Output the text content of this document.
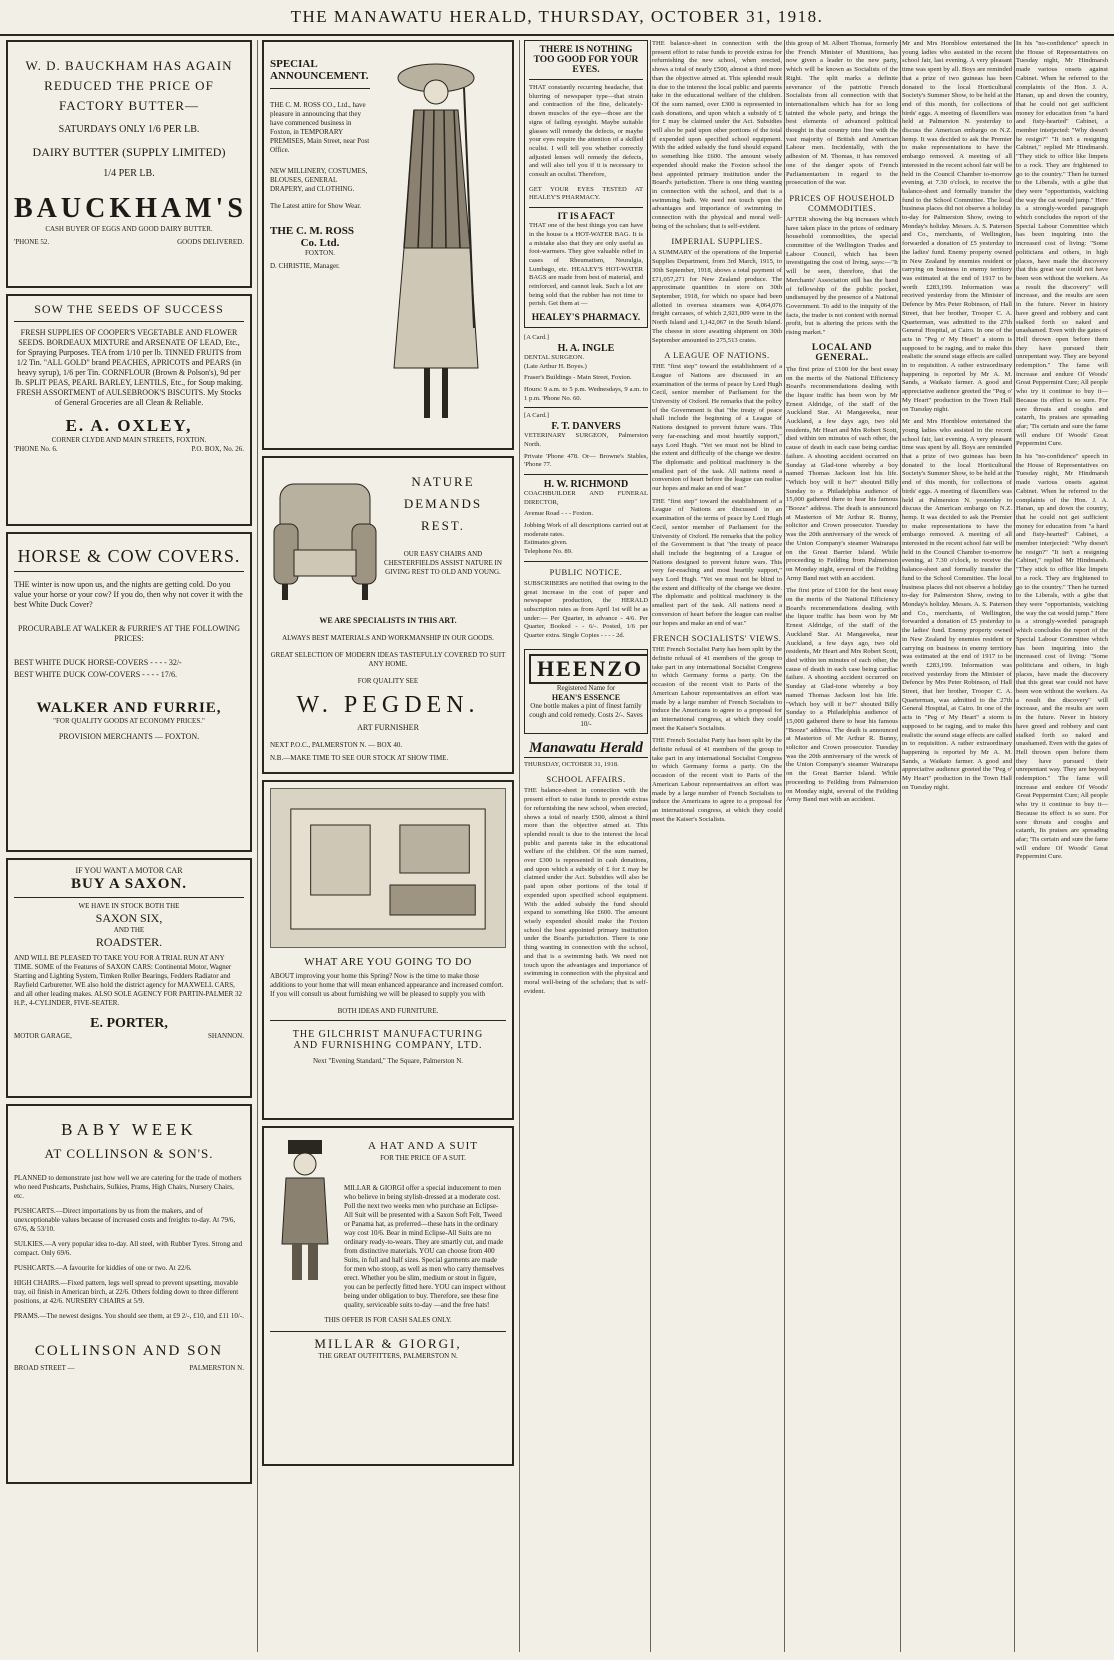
THE MANAWATU HERALD, THURSDAY, OCTOBER 31, 1918.
W. D. BAUCKHAM HAS AGAIN
REDUCED THE PRICE OF
FACTORY BUTTER—
SATURDAYS ONLY 1/6 PER LB.
DAIRY BUTTER (SUPPLY LIMITED)
1/4 PER LB.
BAUCKHAM'S
CASH BUYER OF EGGS AND GOOD DAIRY BUTTER.
'PHONE 52.	GOODS DELIVERED.
SOW THE SEEDS OF SUCCESS

FRESH SUPPLIES OF COOPER'S VEGETABLE AND FLOWER SEEDS. BORDEAUX MIXTURE and ARSENATE OF LEAD, Etc., for Spraying Purposes. TEA from 1/10 per lb. TINNED FRUITS from 1/2 Tin. "ALL GOLD" brand PEACHES, APRICOTS and PEARS (in heavy syrup), 1/6 per Tin. CORNFLOUR (Brown & Polson's), 9d per lb. SPLIT PEAS, PEARL BARLEY, LENTILS, Etc., for Soup making. FRESH ASSORTMENT of AULSEBROOK'S BISCUITS. My Stocks of General Groceries are all Clean & Reliable.

E. A. OXLEY,
CORNER CLYDE AND MAIN STREETS, FOXTON.
'PHONE No. 6.	P.O. BOX, No. 26.
HORSE & COW COVERS.

THE winter is now upon us, and the nights are getting cold. Do you value your horse or your cow? If you do, then why not cover it with the best White Duck Cover?

PROCURABLE AT WALKER & FURRIE'S AT THE FOLLOWING PRICES:

BEST WHITE DUCK HORSE-COVERS - - - - 32/-

BEST WHITE DUCK COW-COVERS - - - - 17/6.

WALKER AND FURRIE,
"FOR QUALITY GOODS AT ECONOMY PRICES."
PROVISION MERCHANTS — FOXTON.
IF YOU WANT A MOTOR CAR
BUY A SAXON.
WE HAVE IN STOCK BOTH THE
SAXON SIX,
AND THE
ROADSTER.

AND WILL BE PLEASED TO TAKE YOU FOR A TRIAL RUN AT ANY TIME. SOME of the Features of SAXON CARS: Continental Motor, Wagner Starting and Lighting System, Timken Roller Bearings, Fedders Radiator and Rayfield Carburetter. WE also hold the district agency for MAXWELL CARS, and all other leading makes. ALSO SOLE AGENCY FOR PARTIN-PALMER 32 H.P., 4-CYLINDER, FIVE-SEATER.

E. PORTER,
MOTOR GARAGE,	SHANNON.
BABY WEEK
AT COLLINSON & SON'S.

PLANNED to demonstrate just how well we are catering for the trade of mothers who need Pushcarts, Pushchairs, Sulkies, Prams, High Chairs, Nursery Chairs, etc.

PUSHCARTS.—Direct importations by us from the makers, and of unexceptionable values because of increased costs and freights to-day. At 79/6, 67/6, & 53/10.

SULKIES.—A very popular idea to-day. All steel, with Rubber Tyres. Strong and compact. Only 69/6.

PUSHCARTS.—A favourite for kiddies of one or two. At 22/6.

HIGH CHAIRS.—Fixed pattern, legs well spread to prevent upsetting, movable tray, oil finish in American birch, at 22/6. Others folding down to three different positions, at 42/6. NURSERY CHAIRS at 5/9.

PRAMS.—The newest designs. You should see them, at £9 2/-, £10, and £11 10/-.

COLLINSON AND SON
BROAD STREET —	PALMERSTON N.
SPECIAL
ANNOUNCEMENT.

THE C. M. ROSS CO., Ltd., have pleasure in announcing that they have commenced business in Foxton, in TEMPORARY PREMISES, Main Street, near Post Office.

NEW MILLINERY, COSTUMES, BLOUSES, GENERAL DRAPERY, and CLOTHING.

The Latest attire for Show Wear.

THE C. M. ROSS
Co. Ltd.
FOXTON.
D. CHRISTIE, Manager.
NATURE
DEMANDS
REST.

OUR EASY CHAIRS AND CHESTERFIELDS ASSIST NATURE IN GIVING REST TO OLD AND YOUNG.

WE ARE SPECIALISTS IN THIS ART.

ALWAYS BEST MATERIALS AND WORKMANSHIP IN OUR GOODS.

GREAT SELECTION OF MODERN IDEAS TASTEFULLY COVERED TO SUIT ANY HOME.

FOR QUALITY SEE

W. PEGDEN.
ART FURNISHER
NEXT P.O.C., PALMERSTON N. — BOX 40.
N.B.—MAKE TIME TO SEE OUR STOCK AT SHOW TIME.
WHAT ARE YOU GOING TO DO

ABOUT improving your home this Spring? Now is the time to make those additions to your home that will mean enhanced appearance and increased comfort. If you will consult us about furnishing we will be pleased to supply you with

BOTH IDEAS AND FURNITURE.
THE GILCHRIST MANUFACTURING
AND FURNISHING COMPANY, LTD.
Next "Evening Standard," The Square, Palmerston N.
A HAT AND A SUIT
FOR THE PRICE OF A SUIT.

MILLAR & GIORGI offer a special inducement to men who believe in being stylish-dressed at a moderate cost. Poll the next two weeks men who purchase an Eclipse-All Suit will be presented with a Saxon Soft Felt, Tweed or Panama hat, as preferred—these hats in the ordinary way cost 10/6. Bear in mind Eclipse-All Suits are no ordinary ready-to-wears. They are smartly cut, and made from distinctive materials. YOU can choose from 400 Suits, in full and half sizes. Special garments are made for men who stoop, as well as men who carry themselves erect. Whether you be slim, medium or stout in figure, you can be perfectly fitted here. YOU can inspect without being under obligation to buy. Therefore, see these fine quality, serviceable suits to-day —and the free hats!

THIS OFFER IS FOR CASH SALES ONLY.
MILLAR & GIORGI,
THE GREAT OUTFITTERS, PALMERSTON N.
THERE IS NOTHING TOO GOOD FOR YOUR EYES.

THAT constantly recurring headache, that blurring of newspaper type—that strain and contraction of the fine, delicately-drawn muscles of the eye—those are the signs of failing eyesight. Maybe suitable glasses will remedy the defects, or maybe your eyes require the attention of a skilled oculist. I will tell you whether correctly adjusted lenses will remedy the defects, and will also tell you if it is necessary to consult an oculist. Therefore,

GET YOUR EYES TESTED AT HEALEY'S PHARMACY.

IT IS A FACT

THAT one of the best things you can have in the house is a HOT-WATER BAG. It is a mistake also that they are only useful as foot-warmers. They give valuable relief in cases of Rheumatism, Neuralgia, Lumbago, etc. HEALEY'S HOT-WATER BAGS are made from best of material, and reinforced, and cannot leak. Such a lot are being sold that the rubber has not time to perish. Get them at —

HEALEY'S PHARMACY.
[A Card.]
H. A. INGLE
DENTAL SURGEON.
(Late Arthur H. Boyes.)
Fraser's Buildings - Main Street, Foxton.
Hours: 9 a.m. to 5 p.m. Wednesdays, 9 a.m. to 1 p.m. 'Phone No. 60.
[A Card.]
F. T. DANVERS
VETERINARY SURGEON, Palmerston North.
Private 'Phone 478. Or— Browne's Stables, 'Phone 77.
H. W. RICHMOND
COACHBUILDER AND FUNERAL DIRECTOR,
Avenue Road - - - Foxton.
Jobbing Work of all descriptions carried out at moderate rates.
Estimates given.
Telephone No. 89.
PUBLIC NOTICE.

SUBSCRIBERS are notified that owing to the great increase in the cost of paper and newspaper production, the HERALD subscription rates as from April 1st will be as under:— Per Quarter, in advance - 4/6. Per Quarter, Booked - - 6/-. Posted, 1/6 per Quarter extra. Single Copies - - - - 2d.

HEENZO
Registered Name for
HEAN'S ESSENCE
One bottle makes a pint of finest family cough and cold remedy. Costs 2/-. Saves 10/-
Manawatu Herald
THURSDAY, OCTOBER 31, 1918.
SCHOOL AFFAIRS.

THE balance-sheet in connection with the present effort to raise funds to provide extras for refurnishing the new school, when erected, shows a total of nearly £500, almost a third more than the objective aimed at. This splendid result is due to the interest the local public and parents take in the educational welfare of the children. Of the sum named, over £300 is represented in cash donations, and upon which a subsidy of £ for £ may be claimed under the Act. Subsidies will also be paid upon other portions of the total if expended upon specified school equipment. With the added subsidy the fund should expand to something like £600. The amount wisely expended should make the Foxton school the best appointed primary institution under the Board's jurisdiction. There is one thing wanting in connection with the school, and that is a swimming bath. We need not touch upon the advantages and importance of swimming in connection with the physical and moral well-being of the scholars; that is self-evident.

THE balance-sheet in connection with the present effort to raise funds to provide extras for refurnishing the new school, when erected, shows a total of nearly £500, almost a third more than the objective aimed at. This splendid result is due to the interest the local public and parents take in the educational welfare of the children. Of the sum named, over £300 is represented in cash donations, and upon which a subsidy of £ for £ may be claimed under the Act. Subsidies will also be paid upon other portions of the total if expended upon specified school equipment. With the added subsidy the fund should expand to something like £600. The amount wisely expended should make the Foxton school the best appointed primary institution under the Board's jurisdiction. There is one thing wanting in connection with the school, and that is a swimming bath. We need not touch upon the advantages and importance of swimming in connection with the physical and moral well-being of the scholars; that is self-evident.

IMPERIAL SUPPLIES.

A SUMMARY of the operations of the Imperial Supplies Department, from 3rd March, 1915, to 30th September, 1918, shows a total payment of £71,057,271 for New Zealand produce. The approximate quantities in store on 30th September, 1918, for which no space had been allotted in oversea steamers was 4,064,076 freight carcases, of which 2,921,009 were in the North Island and 1,142,067 in the South Island. The cheese in store awaiting shipment on 30th September amounted to 275,513 crates.

A LEAGUE OF NATIONS.

THE "first step" toward the establishment of a League of Nations are discussed in an examination of the terms of peace by Lord Hugh Cecil, senior member of Parliament for the University of Oxford. He remarks that the policy of the Government is that "the treaty of peace shall include the beginning of a League of Nations designed to prevent future wars. This very far-reaching and most heartily support," says Lord Hugh. "Yet we must not be blind to the extent and difficulty of the change we desire. The diplomatic and political machinery is the smallest part of the task. All nations need a conversion of heart before the league can realise our hopes and make an end of war."

THE "first step" toward the establishment of a League of Nations are discussed in an examination of the terms of peace by Lord Hugh Cecil, senior member of Parliament for the University of Oxford. He remarks that the policy of the Government is that "the treaty of peace shall include the beginning of a League of Nations designed to prevent future wars. This very far-reaching and most heartily support," says Lord Hugh. "Yet we must not be blind to the extent and difficulty of the change we desire. The diplomatic and political machinery is the smallest part of the task. All nations need a conversion of heart before the league can realise our hopes and make an end of war."

FRENCH SOCIALISTS' VIEWS.

THE French Socialist Party has been split by the definite refusal of 41 members of the group to take part in any international Socialist Congress to which Germany forms a party. On the occasion of the recent visit to Paris of the American Labour representatives an effort was made by a large number of French Socialists to induce the Americans to agree to a proposal for an international congress, at which they could meet the Kaiser's Socialists.

THE French Socialist Party has been split by the definite refusal of 41 members of the group to take part in any international Socialist Congress to which Germany forms a party. On the occasion of the recent visit to Paris of the American Labour representatives an effort was made by a large number of French Socialists to induce the Americans to agree to a proposal for an international congress, at which they could meet the Kaiser's Socialists.

this group of M. Albert Thomas, formerly the French Minister of Munitions, has now given a leader to the new party, which will be known as Socialists of the Right. The split marks a definite severance of the patriotic French Socialists from all connection with that internationalism which has for so long tainted the whole party, and brings the best elements of advanced political thought in that country into line with the vast majority of British and American Labour men. Incidentally, with the adhesion of M. Thomas, it has removed one of the danger spots of French Parliamentarism in regard to the prosecution of the war.

PRICES OF HOUSEHOLD COMMODITIES.

AFTER showing the big increases which have taken place in the prices of ordinary household commodities, the special committee of the Wellington Trades and Labour Council, which has been investigating the cost of living, says:—"It will be seen, therefore, that the Merchants' Association still has the hand of fellowship of the public pocket, undismayed by the presence of a National Government. To add to the iniquity of the facts, the trader is not content with normal profit, but is altering the prices with the rising market."

LOCAL AND GENERAL.

The first prize of £100 for the best essay on the merits of the National Efficiency Board's recommendations dealing with the liquor traffic has been won by Mr Ernest Aldridge, of the staff of the Auckland Star. At Mangaweka, near Auckland, a few days ago, two old residents, Mr Heart and Mrs Robert Scott, died within ten minutes of each other, the cause of death in each case being cardiac failure. A shooting accident occurred on Sunday at Glad-tone whereby a boy named Thomas Jackson lost his life. "Which boy will it be?" shouted Billy Sunday to a Philadelphia audience of 15,000 gathered there to hear his famous "Booze" address. The death is announced at Masterton of Mr Arthur R. Bunny, solicitor and Crown prosecutor. Tuesday was the 20th anniversary of the wreck of the Union Company's steamer Wairarapa on the Great Barrier Island. While proceeding to Feilding from Palmerston on Monday night, several of the Feilding Army Band met with an accident.

The first prize of £100 for the best essay on the merits of the National Efficiency Board's recommendations dealing with the liquor traffic has been won by Mr Ernest Aldridge, of the staff of the Auckland Star. At Mangaweka, near Auckland, a few days ago, two old residents, Mr Heart and Mrs Robert Scott, died within ten minutes of each other, the cause of death in each case being cardiac failure. A shooting accident occurred on Sunday at Glad-tone whereby a boy named Thomas Jackson lost his life. "Which boy will it be?" shouted Billy Sunday to a Philadelphia audience of 15,000 gathered there to hear his famous "Booze" address. The death is announced at Masterton of Mr Arthur R. Bunny, solicitor and Crown prosecutor. Tuesday was the 20th anniversary of the wreck of the Union Company's steamer Wairarapa on the Great Barrier Island. While proceeding to Feilding from Palmerston on Monday night, several of the Feilding Army Band met with an accident.

Mr and Mrs Hornblow entertained the young ladies who assisted in the recent school fair, last evening. A very pleasant time was spent by all. Boys are reminded that a prize of two guineas has been donated to the local Horticultural Society's Summer Show, to be held at the end of this month, for collections of birds' eggs. A meeting of flaxmillers was held at Palmerston N. yesterday to discuss the American embargo on N.Z. hemp. It was decided to ask the Premier to make representations to have the embargo removed. A meeting of all interested in the recent school fair will be held in the Council Chamber to-morrow evening, at 7.30 o'clock, to receive the balance-sheet and formally transfer the fund to the School Committee. The local business places did not observe a holiday to-day for Palmerston Show, owing to Monday's holiday. Messrs. A. S. Paterson and Co., merchants, of Wellington, forwarded a donation of £5 yesterday to the ladies' fund. Enemy property owned in New Zealand by enemies resident or carrying on business in enemy territory was estimated at the end of 1917 to be worth £283,199. Information was received yesterday from the Minister of Defence by Mrs Peter Robinson, of Hall Street, that her brother, Trooper C. A. Quarterman, was admitted to the 27th General Hospital, at Cairo. In one of the acts in "Peg o' My Heart" a storm is supposed to be raging, and to make this realistic the sound stage effects are called in to requisition. A rather extraordinary happening is reported by Mr A. M. Sands, a Waikato farmer. A good and appreciative audience greeted the "Peg o' My Heart" production in the Town Hall on Tuesday night.

Mr and Mrs Hornblow entertained the young ladies who assisted in the recent school fair, last evening. A very pleasant time was spent by all. Boys are reminded that a prize of two guineas has been donated to the local Horticultural Society's Summer Show, to be held at the end of this month, for collections of birds' eggs. A meeting of flaxmillers was held at Palmerston N. yesterday to discuss the American embargo on N.Z. hemp. It was decided to ask the Premier to make representations to have the embargo removed. A meeting of all interested in the recent school fair will be held in the Council Chamber to-morrow evening, at 7.30 o'clock, to receive the balance-sheet and formally transfer the fund to the School Committee. The local business places did not observe a holiday to-day for Palmerston Show, owing to Monday's holiday. Messrs. A. S. Paterson and Co., merchants, of Wellington, forwarded a donation of £5 yesterday to the ladies' fund. Enemy property owned in New Zealand by enemies resident or carrying on business in enemy territory was estimated at the end of 1917 to be worth £283,199. Information was received yesterday from the Minister of Defence by Mrs Peter Robinson, of Hall Street, that her brother, Trooper C. A. Quarterman, was admitted to the 27th General Hospital, at Cairo. In one of the acts in "Peg o' My Heart" a storm is supposed to be raging, and to make this realistic the sound stage effects are called in to requisition. A rather extraordinary happening is reported by Mr A. M. Sands, a Waikato farmer. A good and appreciative audience greeted the "Peg o' My Heart" production in the Town Hall on Tuesday night.

In his "no-confidence" speech in the House of Representatives on Tuesday night, Mr Hindmarsh made various onsets against Cabinet. When he referred to the complaints of the Hon. J. A. Hanan, up and down the country, that he could not get sufficient money for education from "a hard and fisty-hearted" Cabinet, a member interjected: "Why doesn't he resign?" "It isn't a resigning Cabinet," replied Mr Hindmarsh. "They stick to office like limpets to a rock. They are frightened to go to the country." Then he turned to the Liberals, with a gibe that they were "opportunists, watching the way the cat would jump." Here is a strongly-worded paragraph which concludes the report of the Special Labour Committee which has been inquiring into the increased cost of living: "Some politicians and others, in high places, have made the discovery that this great war could not have been won without the workers. As a result the discovery" will increase, and the results are seen in the future. Never in history have greed and robbery and cant stalked forth so naked and unashamed. Even with the gates of Hell thrown open before them they have pursued their unrepentant way. They are beyond redemption." The fame will increase and endure Of Woods' Great Peppermint Cure; All people who try it continue to buy it— Because its effect is so sure. For sore throats and coughs and catarrh, Its praises are spreading afar; 'Tis certain and sure the fame will endure Of Woods' Great Peppermint Cure.

In his "no-confidence" speech in the House of Representatives on Tuesday night, Mr Hindmarsh made various onsets against Cabinet. When he referred to the complaints of the Hon. J. A. Hanan, up and down the country, that he could not get sufficient money for education from "a hard and fisty-hearted" Cabinet, a member interjected: "Why doesn't he resign?" "It isn't a resigning Cabinet," replied Mr Hindmarsh. "They stick to office like limpets to a rock. They are frightened to go to the country." Then he turned to the Liberals, with a gibe that they were "opportunists, watching the way the cat would jump." Here is a strongly-worded paragraph which concludes the report of the Special Labour Committee which has been inquiring into the increased cost of living: "Some politicians and others, in high places, have made the discovery that this great war could not have been won without the workers. As a result the discovery" will increase, and the results are seen in the future. Never in history have greed and robbery and cant stalked forth so naked and unashamed. Even with the gates of Hell thrown open before them they have pursued their unrepentant way. They are beyond redemption." The fame will increase and endure Of Woods' Great Peppermint Cure; All people who try it continue to buy it— Because its effect is so sure. For sore throats and coughs and catarrh, Its praises are spreading afar; 'Tis certain and sure the fame will endure Of Woods' Great Peppermint Cure.
